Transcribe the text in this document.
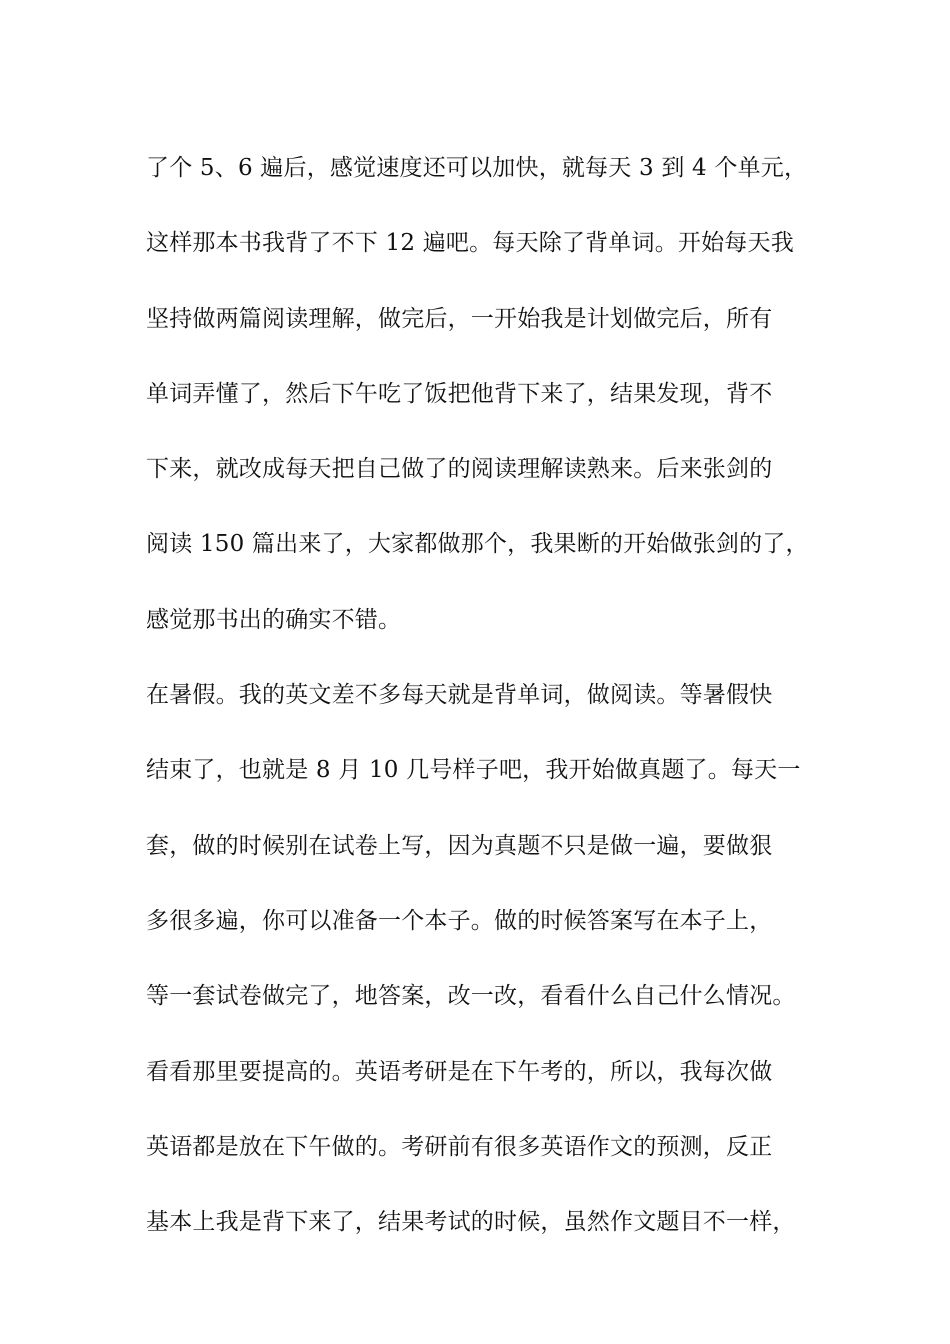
了个 5、6 遍后，感觉速度还可以加快，就每天 3 到 4 个单元，
这样那本书我背了不下 12 遍吧。每天除了背单词。开始每天我
坚持做两篇阅读理解，做完后，一开始我是计划做完后，所有
单词弄懂了，然后下午吃了饭把他背下来了，结果发现，背不
下来，就改成每天把自己做了的阅读理解读熟来。后来张剑的
阅读 150 篇出来了，大家都做那个，我果断的开始做张剑的了，
感觉那书出的确实不错。
在暑假。我的英文差不多每天就是背单词，做阅读。等暑假快
结束了，也就是 8 月 10 几号样子吧，我开始做真题了。每天一
套，做的时候别在试卷上写，因为真题不只是做一遍，要做狠
多很多遍，你可以准备一个本子。做的时候答案写在本子上，
等一套试卷做完了，地答案，改一改，看看什么自己什么情况。
看看那里要提高的。英语考研是在下午考的，所以，我每次做
英语都是放在下午做的。考研前有很多英语作文的预测，反正
基本上我是背下来了，结果考试的时候，虽然作文题目不一样，
